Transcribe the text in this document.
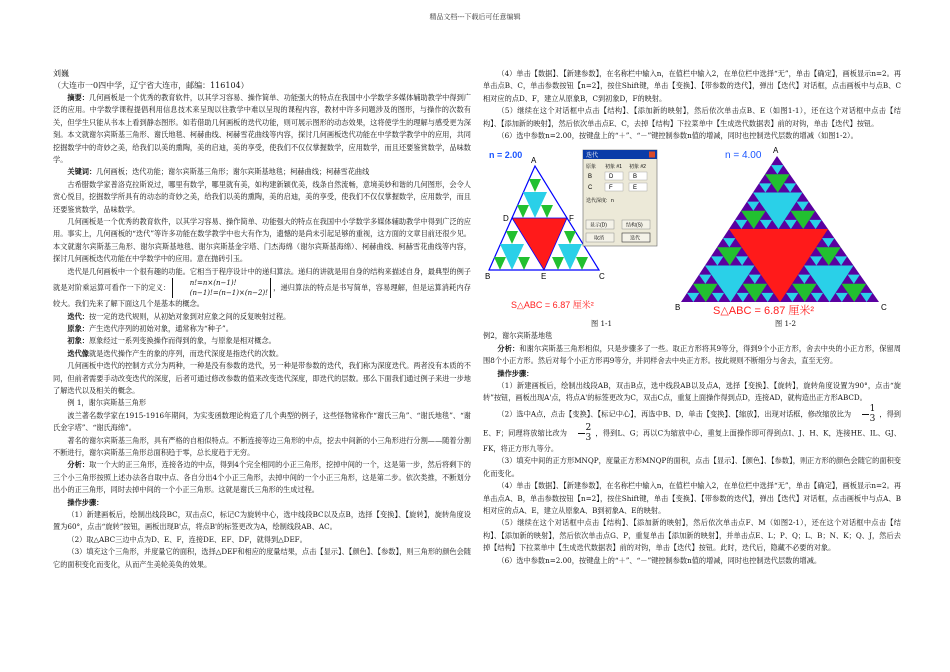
精品文档---下载后可任意编辑
刘巍
（大连市一0四中学，辽宁省大连市，邮编：116104）

摘要：几何画板是一个优秀的教育软件，以其学习容易、操作简单、功能强大的特点在我国中小学数学多媒体辅助教学中得到广泛的应用。中学数学课程提倡利用信息技术来呈现以往教学中难以呈现的课程内容，教材中许多问题涉及的图形，与操作的次数有关，但学生只能从书本上看到静态图形。如若借助几何画板的迭代功能，则可展示图形的动态效果，这将使学生的理解与感受更为深刻。本文就谢尔宾斯基三角形、谢氏地毯、柯赫曲线、柯赫雪花曲线等内容，探讨几何画板迭代功能在中学数学教学中的应用，共同挖掘数学中的奇妙之美，给我们以美的熏陶，美的启迪，美的享受，使我们不仅仅掌握数学，应用数学，而且还要鉴赏数学，品味数学。

关键词：几何画板；迭代功能；谢尔宾斯基三角形；谢尔宾斯基地毯；柯赫曲线；柯赫雪花曲线

古希腊数学家普洛克拉斯说过，哪里有数学，哪里就有美，如构建新颖优美，线条自然流畅，意境美妙和谐的几何图形，会令人赏心悦目，挖掘数学所具有的动态的奇妙之美，给我们以美的熏陶，美的启迪，美的享受，使我们不仅仅掌握数学，应用数学，而且还要鉴赏数学，品味数学。

几何画板是一个优秀的教育软件，以其学习容易、操作简单、功能强大的特点在我国中小学数学多媒体辅助教学中得到广泛的应用。事实上，几何画板的“迭代”等许多功能在数学教学中也大有作为，遗憾的是尚未引起足够的重视，这方面的文章目前还很少见。本文就谢尔宾斯基三角形、谢尔宾斯基地毯、谢尔宾斯基金字塔、门杰海绵（谢尔宾斯基海绵）、柯赫曲线、柯赫雪花曲线等内容，探讨几何画板迭代功能在中学数学中的应用。意在抛砖引玉。

迭代是几何画板中一个很有趣的功能。它相当于程序设计中的递归算法。递归的讲就是用自身的结构来描述自身，最典型的例子就是对阶乘运算可看作一下的定义：	n!=n×(n−1)!
(n−1)!=(n−1)×(n−2)!
，递归算法的特点是书写简单，容易理解，但是运算消耗内存较大。我们先来了解下面这几个是基本的概念。

迭代：按一定的迭代规则，从初始对象到对应象之间的反复映射过程。

原象：产生迭代序列的初始对象，通常称为“种子”。

初象：原象经过一系列变换操作而得到的象，与原象是相对概念。

迭代像就是迭代操作产生的象的序列，而迭代深度是指迭代的次数。

几何画板中迭代的控制方式分为两种，一种是没有参数的迭代，另一种是带参数的迭代，我们称为深度迭代。两者没有本质的不同，但前者需要手动改变迭代的深度，后者可通过修改参数的值来改变迭代深度，即迭代的层数。那么下面我们通过例子来进一步地了解迭代以及相关的概念。

例 1，谢尔宾斯基三角形

波兰著名数学家在1915-1916年期间，为实变函数理论构造了几个典型的例子，这些怪物常称作“谢氏三角”、“谢氏地毯”、“谢氏金字塔”、“谢氏海绵”。

著名的谢尔宾斯基三角形，具有严格的自相似特点。不断连接等边三角形的中点，挖去中间新的小三角形进行分割——随着分割不断进行，谢尔宾斯基三角形总面积趋于零，总长度趋于无穷。

分析：取一个大的正三角形，连接各边的中点，得到4个完全相同的小正三角形，挖掉中间的一个，这是第一步，然后将剩下的三个小三角形按照上述办法各自取中点、各自分出4个小正三角形，去掉中间的一个小正三角形，这是第二步。依次类推，不断划分出小的正三角形，同时去掉中间的一个小正三角形。这就是谢氏三角形的生成过程。

操作步骤：

（1）新建画板后，绘制出线段BC，双击点C，标记C为旋转中心，选中线段BC以及点B，选择【变换】、【旋转】，旋转角度设置为60°，点击“旋转”按钮，画板出现B'点，将点B'的标签更改为A，绘制线段AB、AC。

（2）取△ABC三边中点为D、E、F，连接DE、EF、DF，就得到△DEF。

（3）填充这个三角形，并度量它的面积，选择△DEF和相应的度量结果，点击【显示】、【颜色】、【参数】，则三角形的颜色会随它的面积变化而变化，从而产生美轮美奂的效果。

（4）单击【数据】、【新建参数】，在名称栏中输入n，在值栏中输入2，在单位栏中选择“无”，单击【确定】，画板显示n=2。再单击点B、C，单击参数按钮【n=2】，按住Shift键，单击【变换】、【带参数的迭代】，弹出【迭代】对话框，点击画板中与点B、C相对应的点D、F，建立从原象B，C到初象D，F的映射。

（5）继续在这个对话框中点击【结构】、【添加新的映射】，然后依次单击点B、E（如图1-1），还在这个对话框中点击【结构】、【添加新的映射】，然后依次单击点E、C，去掉【结构】下拉菜单中【生成迭代数据表】前的对钩，单击【迭代】按钮。

（6）选中参数n=2.00，按键盘上的“＋”、“－”键控制参数n值的增减，同时也控制迭代层数的增减（如图1-2）。

n = 2.00
A
B	C
D
E
F
S△ABC = 6.87 厘米²
迭代
原象 初象 #1 初象 #2
B	D	B
C	F	E
迭代深度: n
显示(D)	结构(S)
取消	迭代
n = 4.00 A
B	C
S△ABC = 6.87 厘米²
图 1-1	图 1-2

例2，谢尔宾斯基地毯

分析：和谢尔宾斯基三角形相似，只是步骤多了一些。取正方形将其9等分，得到9个小正方形，舍去中央的小正方形，保留周围8个小正方形。然后对每个小正方形再9等分，并同样舍去中央正方形。按此规则不断细分与舍去，直至无穷。

操作步骤：

（1）新建画板后，绘制出线段AB，双击B点，选中线段AB以及点A，选择【变换】、【旋转】，旋转角度设置为90°，点击“旋转”按钮，画板出现A'点，将点A'的标签更改为C，双击C点，重复上面操作得到点D，连接AD，就构造出正方形ABCD。

（2）选中A点，点击【变换】、【标记中心】，再选中B、D，单击【变换】、【缩放】，出现对话框，修改缩放比为 $\frac{1}{3}$ ，得到E、F；同理将放缩比改为 $\frac{2}{3}$ ，得到L、G；再以C为缩放中心，重复上面操作即可得到点I、J、H、K，连接HE、IL、GJ、FK，将正方形九等分。

（3）填充中间的正方形MNQP，度量正方形MNQP的面积，点击【显示】、【颜色】、【参数】，则正方形的颜色会随它的面积变化而变化。

（4）单击【数据】、【新建参数】，在名称栏中输入n，在值栏中输入2，在单位栏中选择“无”，单击【确定】，画板显示n=2。再单击点A、B，单击参数按钮【n=2】，按住Shift键，单击【变换】、【带参数的迭代】，弹出【迭代】对话框，点击画板中与点A、B相对应的点A、E，建立从原象A、B到初象A、E的映射。

（5）继续在这个对话框中点击【结构】、【添加新的映射】，然后依次单击点F、M（如图2-1），还在这个对话框中点击【结构】、【添加新的映射】，然后依次单击点G、P，重复单击【添加新的映射】，并单击点E、L；P、Q；L、B；N、K；Q、J，然后去掉【结构】下拉菜单中【生成迭代数据表】前的对钩，单击【迭代】按钮。此时，迭代后，隐藏不必要的对象。

（6）选中参数n=2.00，按键盘上的“＋”、“－”键控制参数n值的增减，同时也控制迭代层数的增减。
